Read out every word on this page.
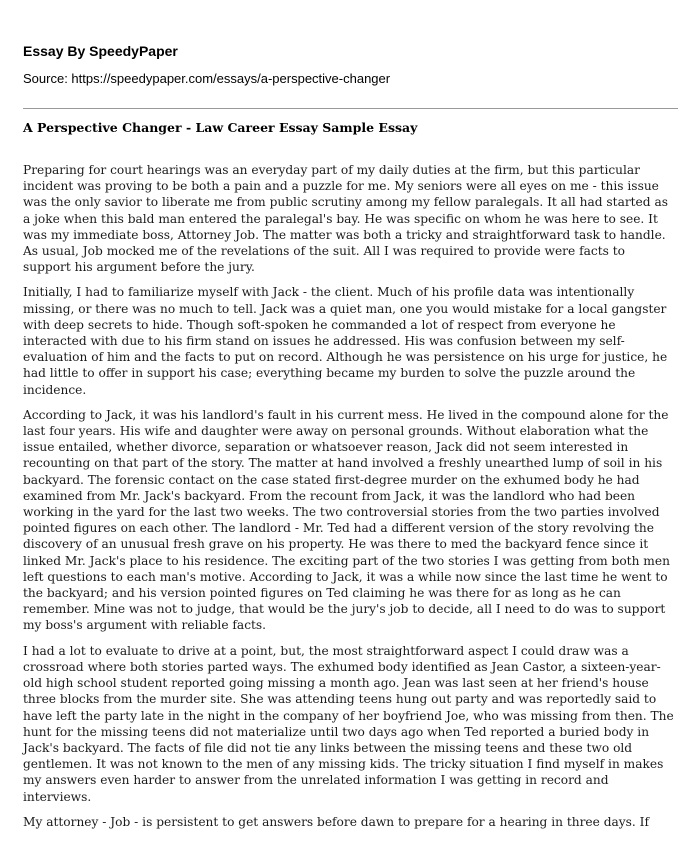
Essay By SpeedyPaper
Source: https://speedypaper.com/essays/a-perspective-changer
A Perspective Changer - Law Career Essay Sample Essay

Preparing for court hearings was an everyday part of my daily duties at the firm, but this particular incident was proving to be both a pain and a puzzle for me. My seniors were all eyes on me - this issue was the only savior to liberate me from public scrutiny among my fellow paralegals. It all had started as a joke when this bald man entered the paralegal's bay. He was specific on whom he was here to see. It was my immediate boss, Attorney Job. The matter was both a tricky and straightforward task to handle. As usual, Job mocked me of the revelations of the suit. All I was required to provide were facts to support his argument before the jury.

Initially, I had to familiarize myself with Jack - the client. Much of his profile data was intentionally missing, or there was no much to tell. Jack was a quiet man, one you would mistake for a local gangster with deep secrets to hide. Though soft-spoken he commanded a lot of respect from everyone he interacted with due to his firm stand on issues he addressed. His was confusion between my self-evaluation of him and the facts to put on record. Although he was persistence on his urge for justice, he had little to offer in support his case; everything became my burden to solve the puzzle around the incidence.

According to Jack, it was his landlord's fault in his current mess. He lived in the compound alone for the last four years. His wife and daughter were away on personal grounds. Without elaboration what the issue entailed, whether divorce, separation or whatsoever reason, Jack did not seem interested in recounting on that part of the story. The matter at hand involved a freshly unearthed lump of soil in his backyard. The forensic contact on the case stated first-degree murder on the exhumed body he had examined from Mr. Jack's backyard. From the recount from Jack, it was the landlord who had been working in the yard for the last two weeks. The two controversial stories from the two parties involved pointed figures on each other. The landlord - Mr. Ted had a different version of the story revolving the discovery of an unusual fresh grave on his property. He was there to med the backyard fence since it linked Mr. Jack's place to his residence. The exciting part of the two stories I was getting from both men left questions to each man's motive. According to Jack, it was a while now since the last time he went to the backyard; and his version pointed figures on Ted claiming he was there for as long as he can remember. Mine was not to judge, that would be the jury's job to decide, all I need to do was to support my boss's argument with reliable facts.

I had a lot to evaluate to drive at a point, but, the most straightforward aspect I could draw was a crossroad where both stories parted ways. The exhumed body identified as Jean Castor, a sixteen-year-old high school student reported going missing a month ago. Jean was last seen at her friend's house three blocks from the murder site. She was attending teens hung out party and was reportedly said to have left the party late in the night in the company of her boyfriend Joe, who was missing from then. The hunt for the missing teens did not materialize until two days ago when Ted reported a buried body in Jack's backyard. The facts of file did not tie any links between the missing teens and these two old gentlemen. It was not known to the men of any missing kids. The tricky situation I find myself in makes my answers even harder to answer from the unrelated information I was getting in record and interviews.

My attorney - Job - is persistent to get answers before dawn to prepare for a hearing in three days. If
